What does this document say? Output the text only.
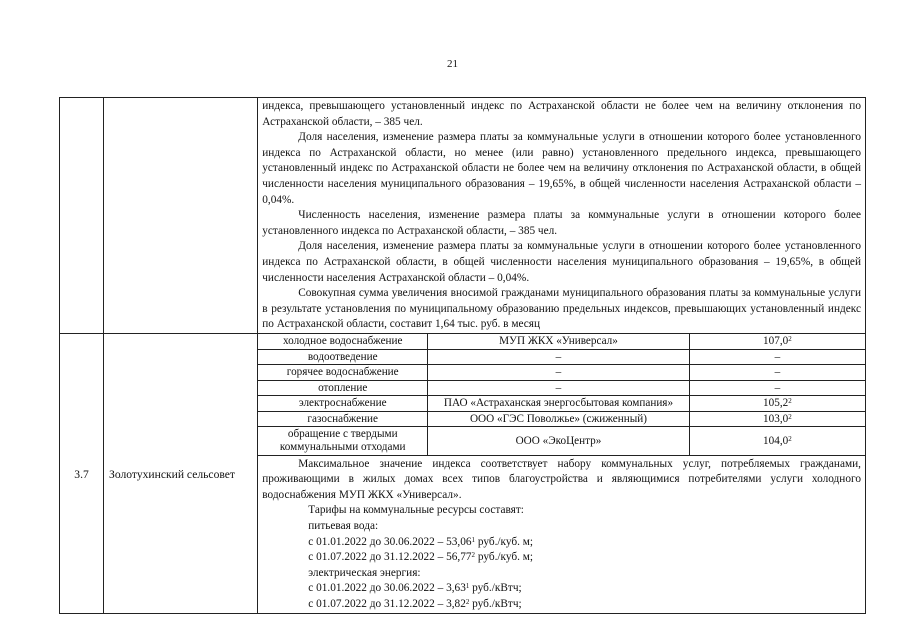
21

индекса, превышающего установленный индекс по Астраханской области не более чем на величину отклонения по Астраханской области, – 385 чел.

Доля населения, изменение размера платы за коммунальные услуги в отношении которого более установленного индекса по Астраханской области, но менее (или равно) установленного предельного индекса, превышающего установленный индекс по Астраханской области не более чем на величину отклонения по Астраханской области, в общей численности населения муниципального образования – 19,65%, в общей численности населения Астраханской области – 0,04%.

Численность населения, изменение размера платы за коммунальные услуги в отношении которого более установленного индекса по Астраханской области, – 385 чел.

Доля населения, изменение размера платы за коммунальные услуги в отношении которого более установленного индекса по Астраханской области, в общей численности населения муниципального образования – 19,65%, в общей численности населения Астраханской области – 0,04%.

Совокупная сумма увеличения вносимой гражданами муниципального образования платы за коммунальные услуги в результате установления по муниципальному образованию предельных индексов, превышающих установленный индекс по Астраханской области, составит 1,64 тыс. руб. в месяц

3.7	Золотухинский сельсовет	
холодное водоснабжение	МУП ЖКХ «Универсал»	107,0$^2$
водоотведение	–	–
горячее водоснабжение	–	–
отопление	–	–
электроснабжение	ПАО «Астраханская энергосбытовая компания»	105,2$^2$
газоснабжение	ООО «ГЭС Поволжье» (сжиженный)	103,0$^2$
обращение с твердыми коммунальными отходами	ООО «ЭкоЦентр»	104,0$^2$

Максимальное значение индекса соответствует набору коммунальных услуг, потребляемых гражданами, проживающими в жилых домах всех типов благоустройства и являющимися потребителями услуги холодного водоснабжения МУП ЖКХ «Универсал».

Тарифы на коммунальные ресурсы составят:
питьевая вода:
с 01.01.2022 до 30.06.2022 – 53,06$^1$ руб./куб. м;
с 01.07.2022 до 31.12.2022 – 56,77$^2$ руб./куб. м;
электрическая энергия:
с 01.01.2022 до 30.06.2022 – 3,63$^1$ руб./кВтч;
с 01.07.2022 до 31.12.2022 – 3,82$^2$ руб./кВтч;
